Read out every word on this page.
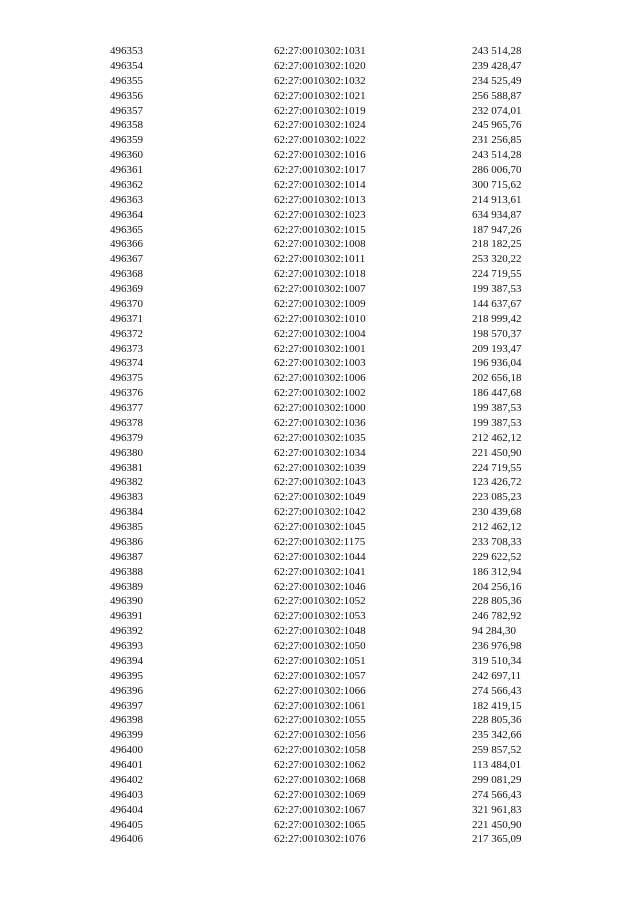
496353	62:27:0010302:1031	243 514,28
496354	62:27:0010302:1020	239 428,47
496355	62:27:0010302:1032	234 525,49
496356	62:27:0010302:1021	256 588,87
496357	62:27:0010302:1019	232 074,01
496358	62:27:0010302:1024	245 965,76
496359	62:27:0010302:1022	231 256,85
496360	62:27:0010302:1016	243 514,28
496361	62:27:0010302:1017	286 006,70
496362	62:27:0010302:1014	300 715,62
496363	62:27:0010302:1013	214 913,61
496364	62:27:0010302:1023	634 934,87
496365	62:27:0010302:1015	187 947,26
496366	62:27:0010302:1008	218 182,25
496367	62:27:0010302:1011	253 320,22
496368	62:27:0010302:1018	224 719,55
496369	62:27:0010302:1007	199 387,53
496370	62:27:0010302:1009	144 637,67
496371	62:27:0010302:1010	218 999,42
496372	62:27:0010302:1004	198 570,37
496373	62:27:0010302:1001	209 193,47
496374	62:27:0010302:1003	196 936,04
496375	62:27:0010302:1006	202 656,18
496376	62:27:0010302:1002	186 447,68
496377	62:27:0010302:1000	199 387,53
496378	62:27:0010302:1036	199 387,53
496379	62:27:0010302:1035	212 462,12
496380	62:27:0010302:1034	221 450,90
496381	62:27:0010302:1039	224 719,55
496382	62:27:0010302:1043	123 426,72
496383	62:27:0010302:1049	223 085,23
496384	62:27:0010302:1042	230 439,68
496385	62:27:0010302:1045	212 462,12
496386	62:27:0010302:1175	233 708,33
496387	62:27:0010302:1044	229 622,52
496388	62:27:0010302:1041	186 312,94
496389	62:27:0010302:1046	204 256,16
496390	62:27:0010302:1052	228 805,36
496391	62:27:0010302:1053	246 782,92
496392	62:27:0010302:1048	94 284,30
496393	62:27:0010302:1050	236 976,98
496394	62:27:0010302:1051	319 510,34
496395	62:27:0010302:1057	242 697,11
496396	62:27:0010302:1066	274 566,43
496397	62:27:0010302:1061	182 419,15
496398	62:27:0010302:1055	228 805,36
496399	62:27:0010302:1056	235 342,66
496400	62:27:0010302:1058	259 857,52
496401	62:27:0010302:1062	113 484,01
496402	62:27:0010302:1068	299 081,29
496403	62:27:0010302:1069	274 566,43
496404	62:27:0010302:1067	321 961,83
496405	62:27:0010302:1065	221 450,90
496406	62:27:0010302:1076	217 365,09
